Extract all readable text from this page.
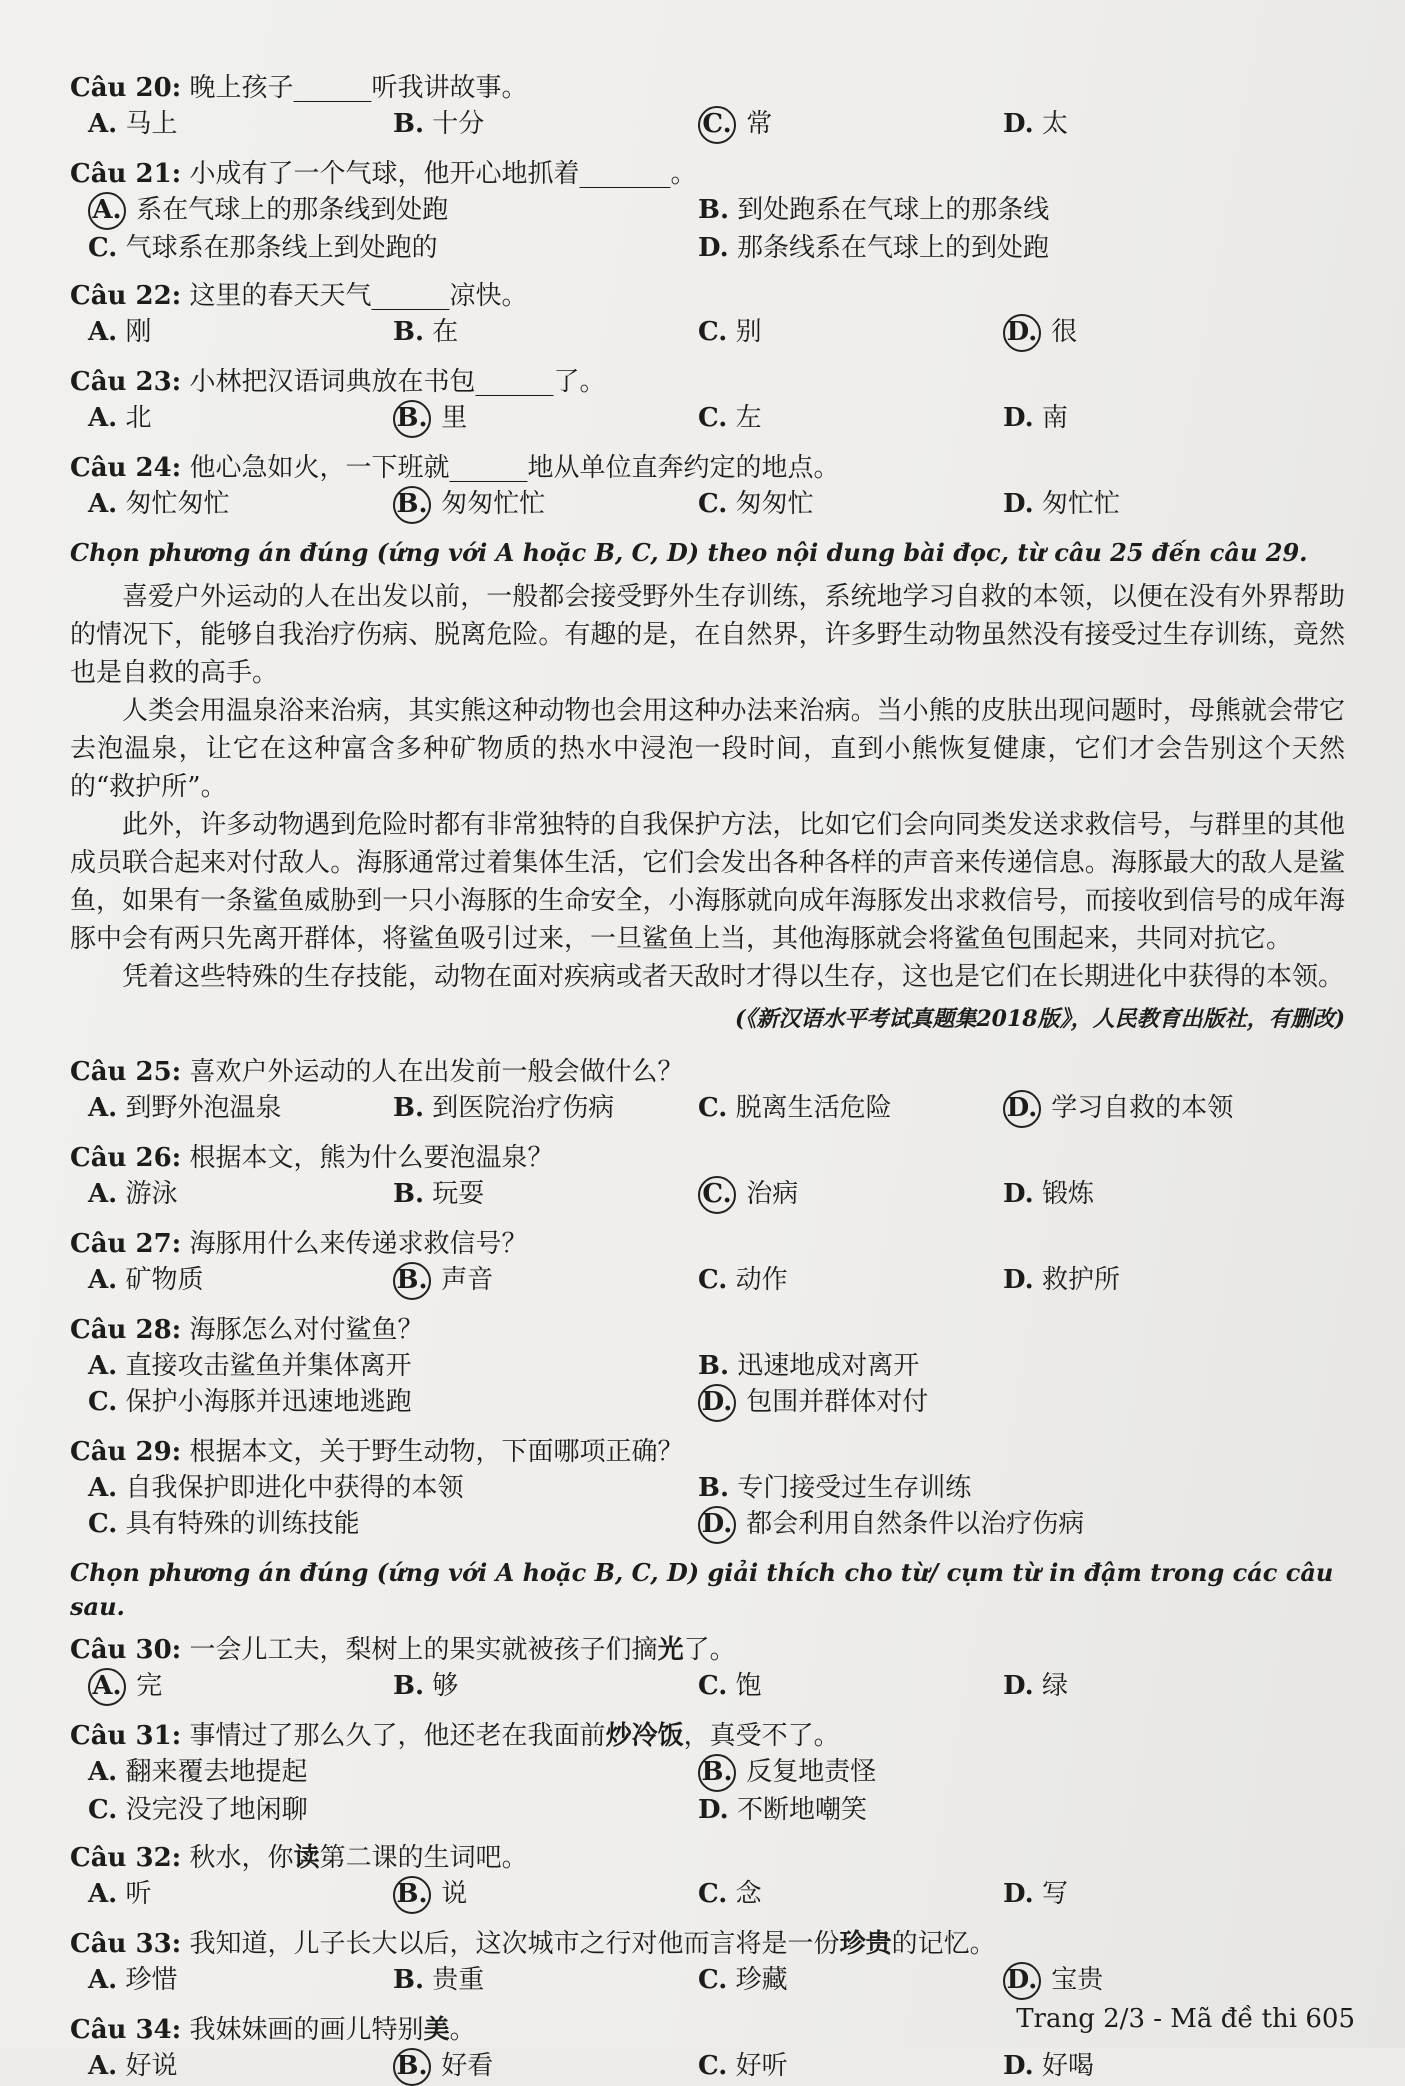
Câu 20: 晚上孩子______听我讲故事。
A. 马上	B. 十分	C. 常	D. 太
Câu 21: 小成有了一个气球，他开心地抓着_______。
A. 系在气球上的那条线到处跑	B. 到处跑系在气球上的那条线
C. 气球系在那条线上到处跑的	D. 那条线系在气球上的到处跑
Câu 22: 这里的春天天气______凉快。
A. 刚	B. 在	C. 别	D. 很
Câu 23: 小林把汉语词典放在书包______了。
A. 北	B. 里	C. 左	D. 南
Câu 24: 他心急如火，一下班就______地从单位直奔约定的地点。
A. 匆忙匆忙	B. 匆匆忙忙	C. 匆匆忙	D. 匆忙忙
Chọn phương án đúng (ứng với A hoặc B, C, D) theo nội dung bài đọc, từ câu 25 đến câu 29.

喜爱户外运动的人在出发以前，一般都会接受野外生存训练，系统地学习自救的本领，以便在没有外界帮助的情况下，能够自我治疗伤病、脱离危险。有趣的是，在自然界，许多野生动物虽然没有接受过生存训练，竟然也是自救的高手。

人类会用温泉浴来治病，其实熊这种动物也会用这种办法来治病。当小熊的皮肤出现问题时，母熊就会带它去泡温泉，让它在这种富含多种矿物质的热水中浸泡一段时间，直到小熊恢复健康，它们才会告别这个天然的“救护所”。

此外，许多动物遇到危险时都有非常独特的自我保护方法，比如它们会向同类发送求救信号，与群里的其他成员联合起来对付敌人。海豚通常过着集体生活，它们会发出各种各样的声音来传递信息。海豚最大的敌人是鲨鱼，如果有一条鲨鱼威胁到一只小海豚的生命安全，小海豚就向成年海豚发出求救信号，而接收到信号的成年海豚中会有两只先离开群体，将鲨鱼吸引过来，一旦鲨鱼上当，其他海豚就会将鲨鱼包围起来，共同对抗它。

凭着这些特殊的生存技能，动物在面对疾病或者天敌时才得以生存，这也是它们在长期进化中获得的本领。

(《新汉语水平考试真题集2018版》，人民教育出版社，有删改)
Câu 25: 喜欢户外运动的人在出发前一般会做什么？
A. 到野外泡温泉	B. 到医院治疗伤病	C. 脱离生活危险	D. 学习自救的本领
Câu 26: 根据本文，熊为什么要泡温泉？
A. 游泳	B. 玩耍	C. 治病	D. 锻炼
Câu 27: 海豚用什么来传递求救信号？
A. 矿物质	B. 声音	C. 动作	D. 救护所
Câu 28: 海豚怎么对付鲨鱼？
A. 直接攻击鲨鱼并集体离开	B. 迅速地成对离开
C. 保护小海豚并迅速地逃跑	D. 包围并群体对付
Câu 29: 根据本文，关于野生动物，下面哪项正确？
A. 自我保护即进化中获得的本领	B. 专门接受过生存训练
C. 具有特殊的训练技能	D. 都会利用自然条件以治疗伤病
Chọn phương án đúng (ứng với A hoặc B, C, D) giải thích cho từ/ cụm từ in đậm trong các câu sau.
Câu 30: 一会儿工夫，梨树上的果实就被孩子们摘光了。
A. 完	B. 够	C. 饱	D. 绿
Câu 31: 事情过了那么久了，他还老在我面前炒冷饭，真受不了。
A. 翻来覆去地提起	B. 反复地责怪
C. 没完没了地闲聊	D. 不断地嘲笑
Câu 32: 秋水，你读第二课的生词吧。
A. 听	B. 说	C. 念	D. 写
Câu 33: 我知道，儿子长大以后，这次城市之行对他而言将是一份珍贵的记忆。
A. 珍惜	B. 贵重	C. 珍藏	D. 宝贵
Câu 34: 我妹妹画的画儿特别美。
A. 好说	B. 好看	C. 好听	D. 好喝
Trang 2/3 - Mã đề thi 605
